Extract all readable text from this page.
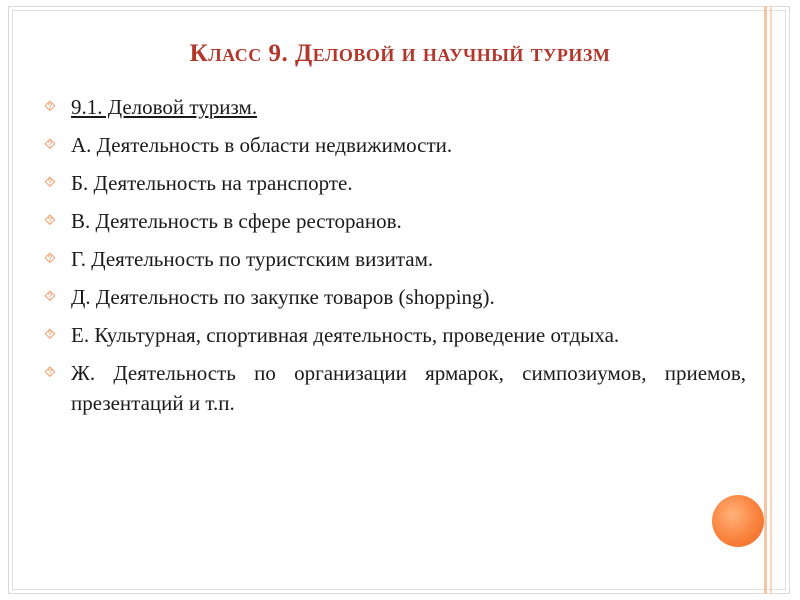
Класс 9. Деловой и научный туризм
⯑ 9.1. Деловой туризм.
⯑ А. Деятельность в области недвижимости.
⯑ Б. Деятельность на транспорте.
⯑ В. Деятельность в сфере ресторанов.
⯑ Г. Деятельность по туристским визитам.
⯑ Д. Деятельность по закупке товаров (shopping).
⯑ Е. Культурная, спортивная деятельность, проведение отдыха.
⯑ Ж. Деятельность по организации ярмарок, симпозиумов, приемов, презентаций и т.п.
